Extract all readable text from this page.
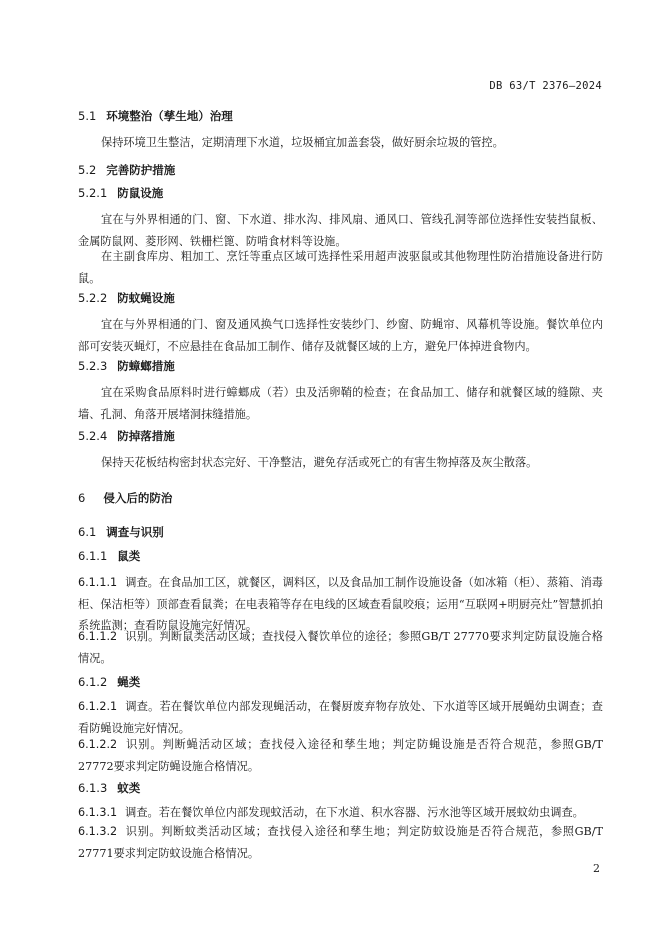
DB 63/T 2376—2024
5.1 环境整治（孳生地）治理
保持环境卫生整洁，定期清理下水道，垃圾桶宜加盖套袋，做好厨余垃圾的管控。
5.2 完善防护措施
5.2.1 防鼠设施
宜在与外界相通的门、窗、下水道、排水沟、排风扇、通风口、管线孔洞等部位选择性安装挡鼠板、金属防鼠网、菱形网、铁栅栏篦、防啃食材料等设施。
在主副食库房、粗加工、烹饪等重点区域可选择性采用超声波驱鼠或其他物理性防治措施设备进行防鼠。
5.2.2 防蚊蝇设施
宜在与外界相通的门、窗及通风换气口选择性安装纱门、纱窗、防蝇帘、风幕机等设施。餐饮单位内部可安装灭蝇灯，不应悬挂在食品加工制作、储存及就餐区域的上方，避免尸体掉进食物内。
5.2.3 防蟑螂措施
宜在采购食品原料时进行蟑螂成（若）虫及活卵鞘的检查；在食品加工、储存和就餐区域的缝隙、夹墙、孔洞、角落开展堵洞抹缝措施。
5.2.4 防掉落措施
保持天花板结构密封状态完好、干净整洁，避免存活或死亡的有害生物掉落及灰尘散落。
6 侵入后的防治
6.1 调查与识别
6.1.1 鼠类
6.1.1.1 调查。在食品加工区，就餐区，调料区，以及食品加工制作设施设备（如冰箱（柜）、蒸箱、消毒柜、保洁柜等）顶部查看鼠粪；在电表箱等存在电线的区域查看鼠咬痕；运用“互联网+明厨亮灶”智慧抓拍系统监测；查看防鼠设施完好情况。
6.1.1.2 识别。判断鼠类活动区域；查找侵入餐饮单位的途径；参照GB/T 27770要求判定防鼠设施合格情况。
6.1.2 蝇类
6.1.2.1 调查。若在餐饮单位内部发现蝇活动，在餐厨废弃物存放处、下水道等区域开展蝇幼虫调查；查看防蝇设施完好情况。
6.1.2.2 识别。判断蝇活动区域；查找侵入途径和孳生地；判定防蝇设施是否符合规范，参照GB/T 27772要求判定防蝇设施合格情况。
6.1.3 蚊类
6.1.3.1 调查。若在餐饮单位内部发现蚊活动，在下水道、积水容器、污水池等区域开展蚊幼虫调查。
6.1.3.2 识别。判断蚊类活动区域；查找侵入途径和孳生地；判定防蚊设施是否符合规范，参照GB/T 27771要求判定防蚊设施合格情况。
2
